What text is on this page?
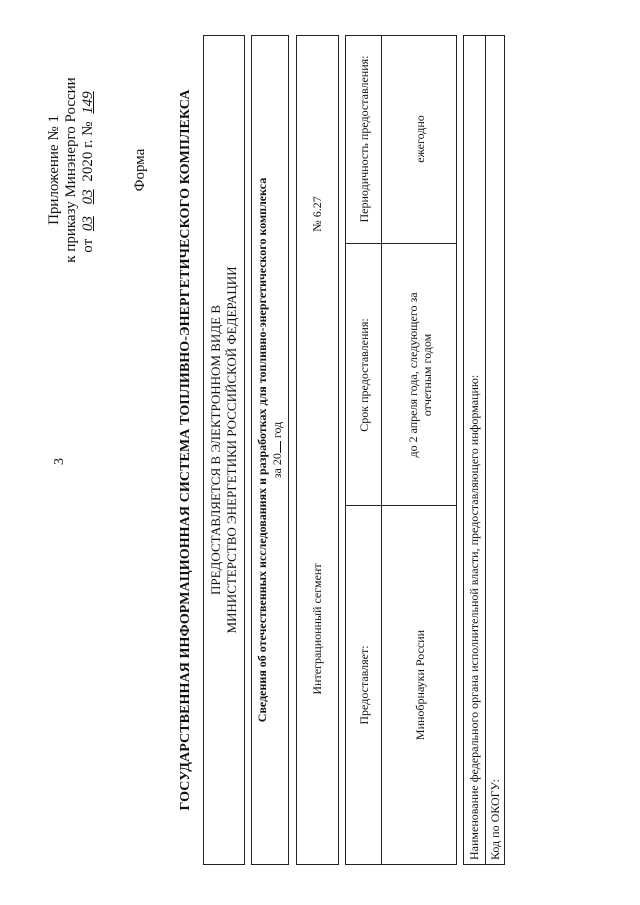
3
Приложение № 1 к приказу Минэнерго России от 03 03 2020 г. № 149
Форма ГОСУДАРСТВЕННАЯ ИНФОРМАЦИОННАЯ СИСТЕМА ТОПЛИВНО-ЭНЕРГЕТИЧЕСКОГО КОМПЛЕКСА ПРЕДОСТАВЛЯЕТСЯ В ЭЛЕКТРОННОМ ВИДЕ В МИНИСТЕРСТВО ЭНЕРГЕТИКИ РОССИЙСКОЙ ФЕДЕРАЦИИ Сведения об отечественных исследованиях и разработках для топливно-энергетического комплекса за 20 год
Интеграционный сегмент
№ 6.27
Предоставляет:
Срок предоставления:
Периодичность предоставления:
Минобрнауки России
до 2 апреля года, следующего за отчетным годом
ежегодно
Наименование федерального органа исполнительной власти, предоставляющего информацию: Код по ОКОГУ:
